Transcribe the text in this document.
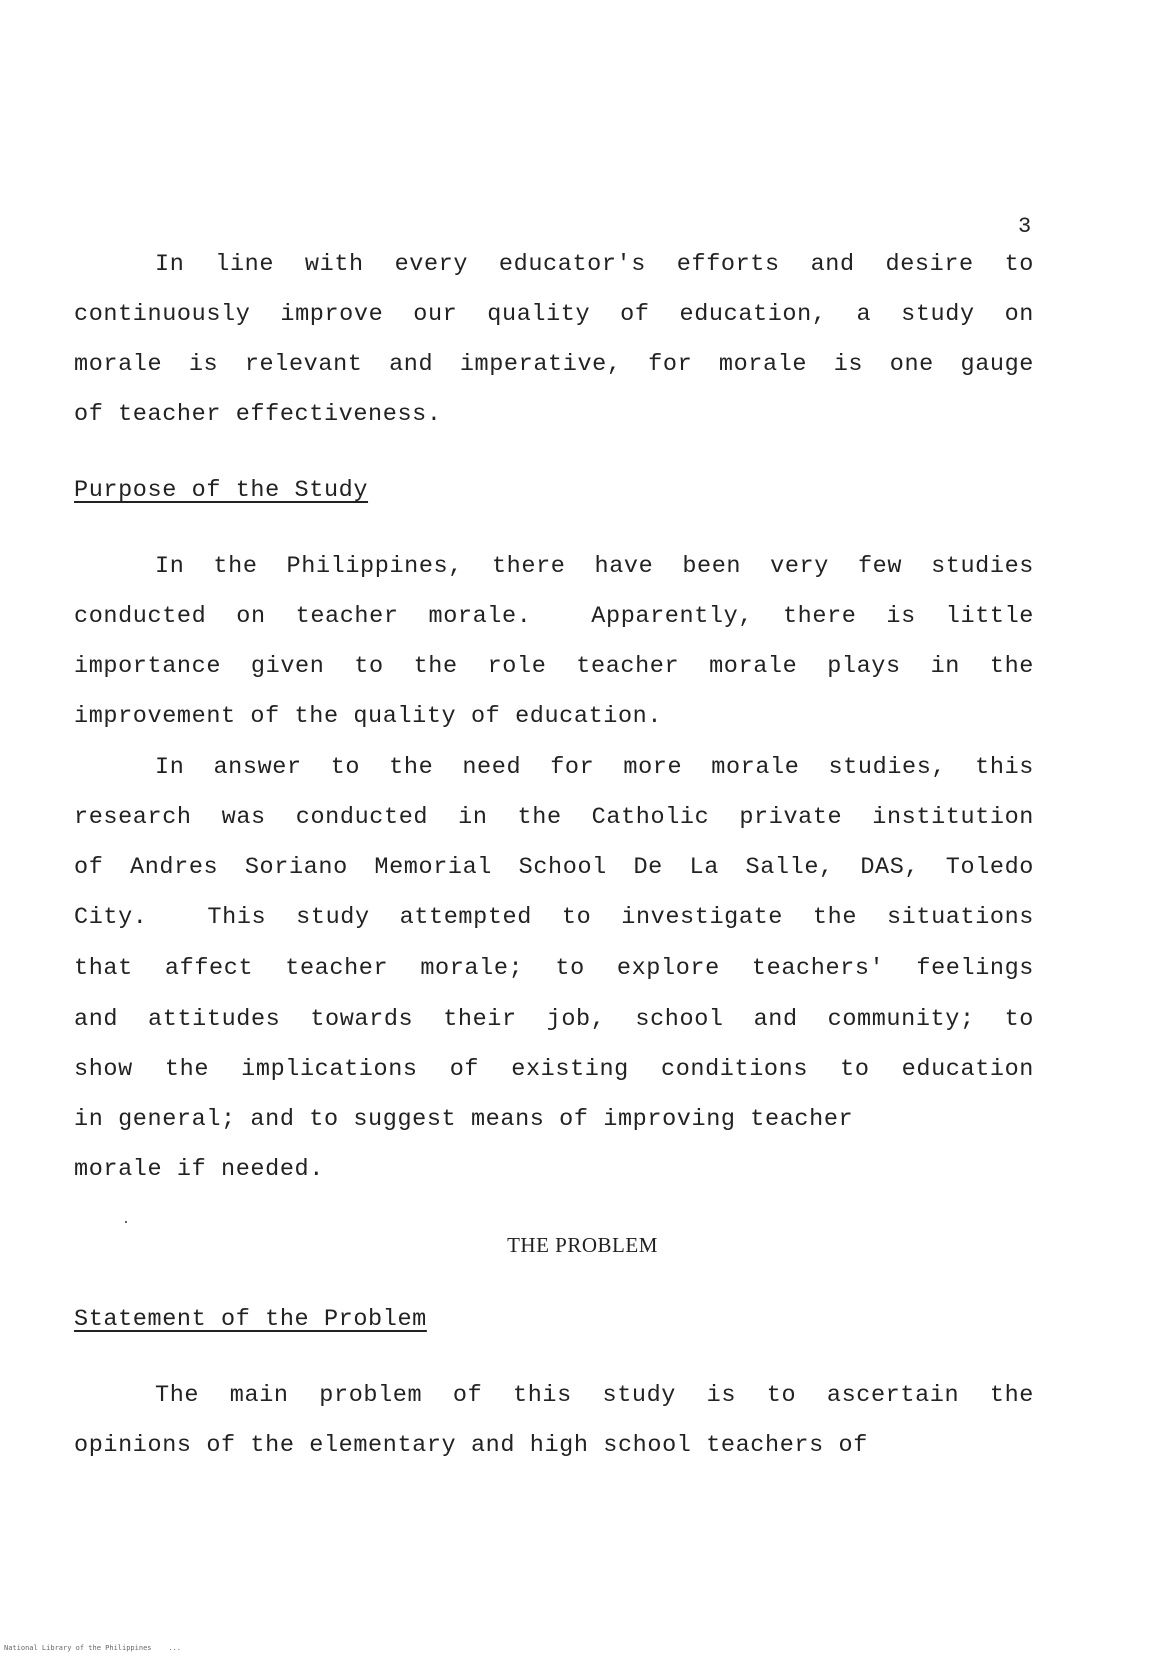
3
In line with every educator's efforts and desire to
continuously improve our quality of education, a study on
morale is relevant and imperative, for morale is one gauge
of teacher effectiveness.
Purpose of the Study
In the Philippines, there have been very few studies
conducted on teacher morale.  Apparently, there is little
importance given to the role teacher morale plays in the
improvement of the quality of education.
In answer to the need for more morale studies, this
research was conducted in the Catholic private institution
of Andres Soriano Memorial School De La Salle, DAS, Toledo
City.  This study attempted to investigate the situations
that affect teacher morale; to explore teachers' feelings
and attitudes towards their job, school and community; to
show the implications of existing conditions to education
in general; and to suggest means of improving teacher
morale if needed.
THE PROBLEM
Statement of the Problem
The main problem of this study is to ascertain the
opinions of the elementary and high school teachers of
National Library of the Philippines    ...
